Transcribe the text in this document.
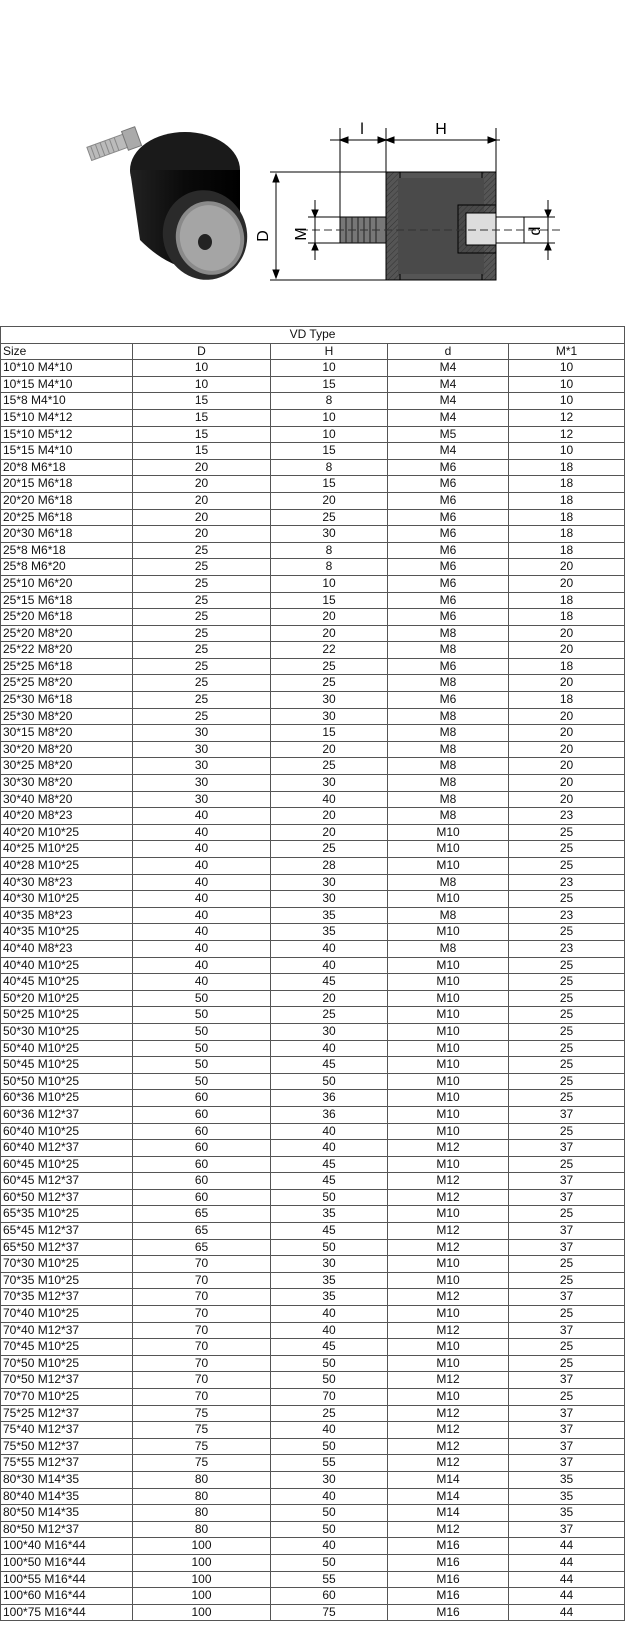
D M
l	H
d
VD Type				
Size	D	H	d	M*1
10*10 M4*10	10	10	M4	10
10*15 M4*10	10	15	M4	10
15*8 M4*10	15	8	M4	10
15*10 M4*12	15	10	M4	12
15*10 M5*12	15	10	M5	12
15*15 M4*10	15	15	M4	10
20*8 M6*18	20	8	M6	18
20*15 M6*18	20	15	M6	18
20*20 M6*18	20	20	M6	18
20*25 M6*18	20	25	M6	18
20*30 M6*18	20	30	M6	18
25*8 M6*18	25	8	M6	18
25*8 M6*20	25	8	M6	20
25*10 M6*20	25	10	M6	20
25*15 M6*18	25	15	M6	18
25*20 M6*18	25	20	M6	18
25*20 M8*20	25	20	M8	20
25*22 M8*20	25	22	M8	20
25*25 M6*18	25	25	M6	18
25*25 M8*20	25	25	M8	20
25*30 M6*18	25	30	M6	18
25*30 M8*20	25	30	M8	20
30*15 M8*20	30	15	M8	20
30*20 M8*20	30	20	M8	20
30*25 M8*20	30	25	M8	20
30*30 M8*20	30	30	M8	20
30*40 M8*20	30	40	M8	20
40*20 M8*23	40	20	M8	23
40*20 M10*25	40	20	M10	25
40*25 M10*25	40	25	M10	25
40*28 M10*25	40	28	M10	25
40*30 M8*23	40	30	M8	23
40*30 M10*25	40	30	M10	25
40*35 M8*23	40	35	M8	23
40*35 M10*25	40	35	M10	25
40*40 M8*23	40	40	M8	23
40*40 M10*25	40	40	M10	25
40*45 M10*25	40	45	M10	25
50*20 M10*25	50	20	M10	25
50*25 M10*25	50	25	M10	25
50*30 M10*25	50	30	M10	25
50*40 M10*25	50	40	M10	25
50*45 M10*25	50	45	M10	25
50*50 M10*25	50	50	M10	25
60*36 M10*25	60	36	M10	25
60*36 M12*37	60	36	M10	37
60*40 M10*25	60	40	M10	25
60*40 M12*37	60	40	M12	37
60*45 M10*25	60	45	M10	25
60*45 M12*37	60	45	M12	37
60*50 M12*37	60	50	M12	37
65*35 M10*25	65	35	M10	25
65*45 M12*37	65	45	M12	37
65*50 M12*37	65	50	M12	37
70*30 M10*25	70	30	M10	25
70*35 M10*25	70	35	M10	25
70*35 M12*37	70	35	M12	37
70*40 M10*25	70	40	M10	25
70*40 M12*37	70	40	M12	37
70*45 M10*25	70	45	M10	25
70*50 M10*25	70	50	M10	25
70*50 M12*37	70	50	M12	37
70*70 M10*25	70	70	M10	25
75*25 M12*37	75	25	M12	37
75*40 M12*37	75	40	M12	37
75*50 M12*37	75	50	M12	37
75*55 M12*37	75	55	M12	37
80*30 M14*35	80	30	M14	35
80*40 M14*35	80	40	M14	35
80*50 M14*35	80	50	M14	35
80*50 M12*37	80	50	M12	37
100*40 M16*44	100	40	M16	44
100*50 M16*44	100	50	M16	44
100*55 M16*44	100	55	M16	44
100*60 M16*44	100	60	M16	44
100*75 M16*44	100	75	M16	44
